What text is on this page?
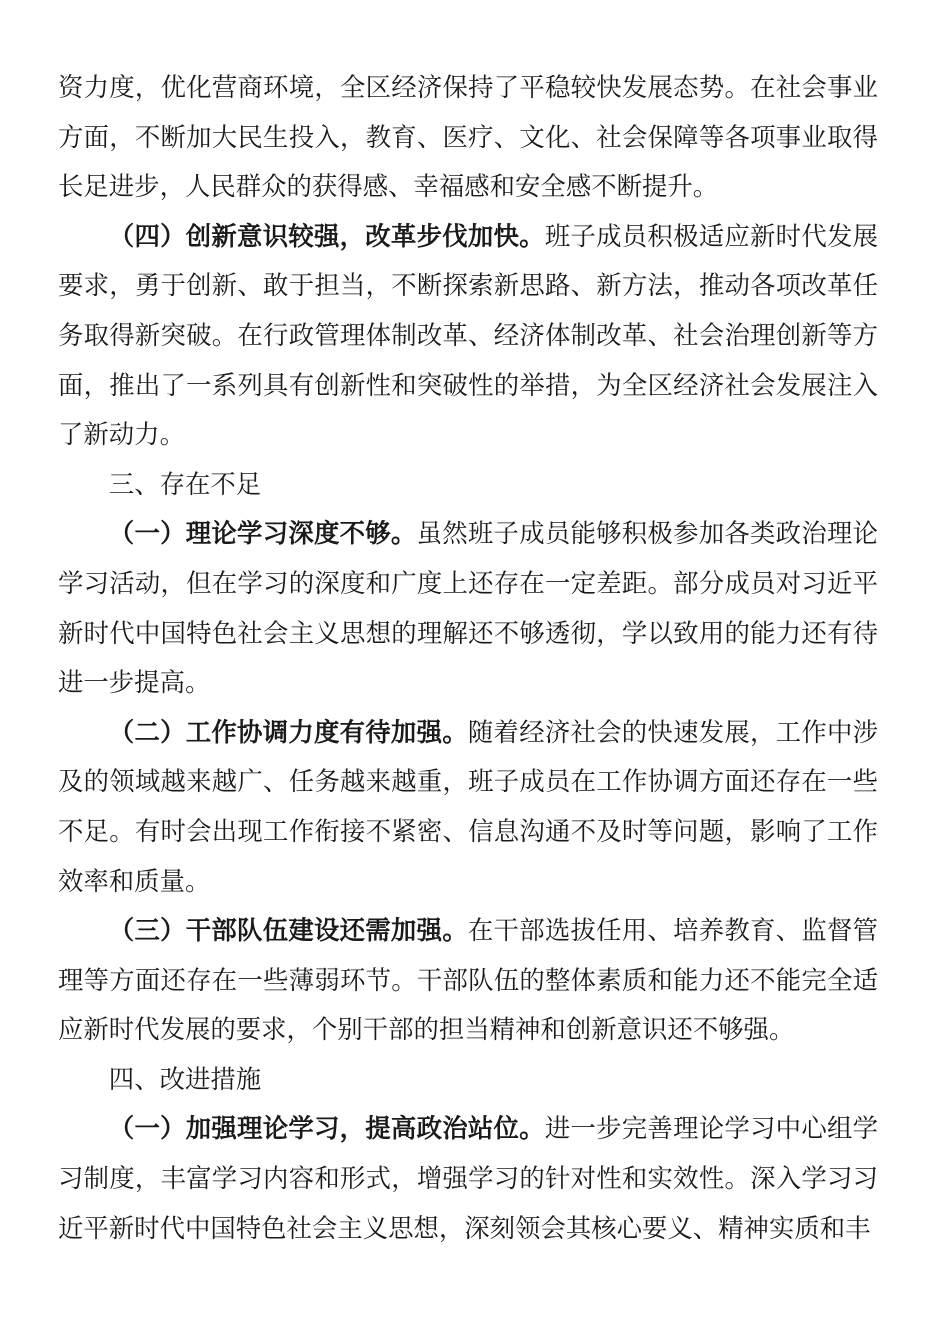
资力度，优化营商环境，全区经济保持了平稳较快发展态势。在社会事业方面，不断加大民生投入，教育、医疗、文化、社会保障等各项事业取得长足进步，人民群众的获得感、幸福感和安全感不断提升。

（四）创新意识较强，改革步伐加快。班子成员积极适应新时代发展要求，勇于创新、敢于担当，不断探索新思路、新方法，推动各项改革任务取得新突破。在行政管理体制改革、经济体制改革、社会治理创新等方面，推出了一系列具有创新性和突破性的举措，为全区经济社会发展注入了新动力。

三、存在不足

（一）理论学习深度不够。虽然班子成员能够积极参加各类政治理论学习活动，但在学习的深度和广度上还存在一定差距。部分成员对习近平新时代中国特色社会主义思想的理解还不够透彻，学以致用的能力还有待进一步提高。

（二）工作协调力度有待加强。随着经济社会的快速发展，工作中涉及的领域越来越广、任务越来越重，班子成员在工作协调方面还存在一些不足。有时会出现工作衔接不紧密、信息沟通不及时等问题，影响了工作效率和质量。

（三）干部队伍建设还需加强。在干部选拔任用、培养教育、监督管理等方面还存在一些薄弱环节。干部队伍的整体素质和能力还不能完全适应新时代发展的要求，个别干部的担当精神和创新意识还不够强。

四、改进措施

（一）加强理论学习，提高政治站位。进一步完善理论学习中心组学习制度，丰富学习内容和形式，增强学习的针对性和实效性。深入学习习近平新时代中国特色社会主义思想，深刻领会其核心要义、精神实质和丰
